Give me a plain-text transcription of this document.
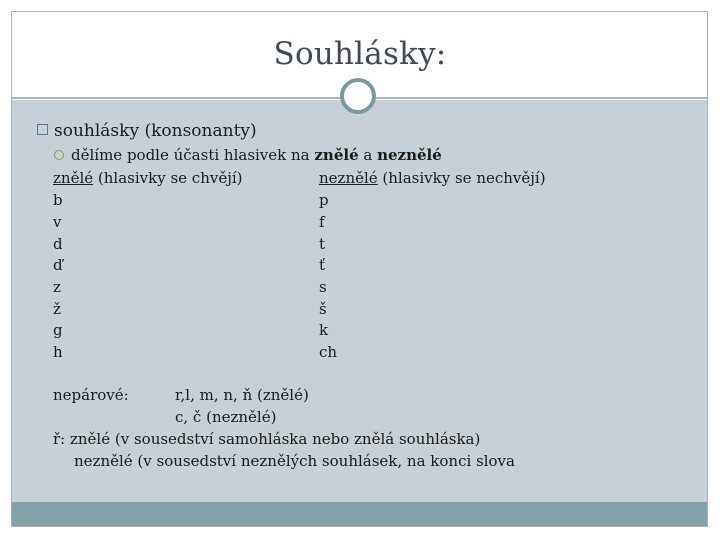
Souhlásky:
souhlásky (konsonanty)
dělíme podle účasti hlasivek na znělé a neznělé
znělé (hlasivky se chvějí)	neznělé (hlasivky se nechvějí)
b	p
v	f
d	t
ď	ť
z	s
ž	š
g	k
h	ch
nepárové:	r,l, m, n, ň (znělé)
c, č (neznělé)
ř: znělé (v sousedství samohláska nebo znělá souhláska)
neznělé (v sousedství neznělých souhlásek, na konci slova
